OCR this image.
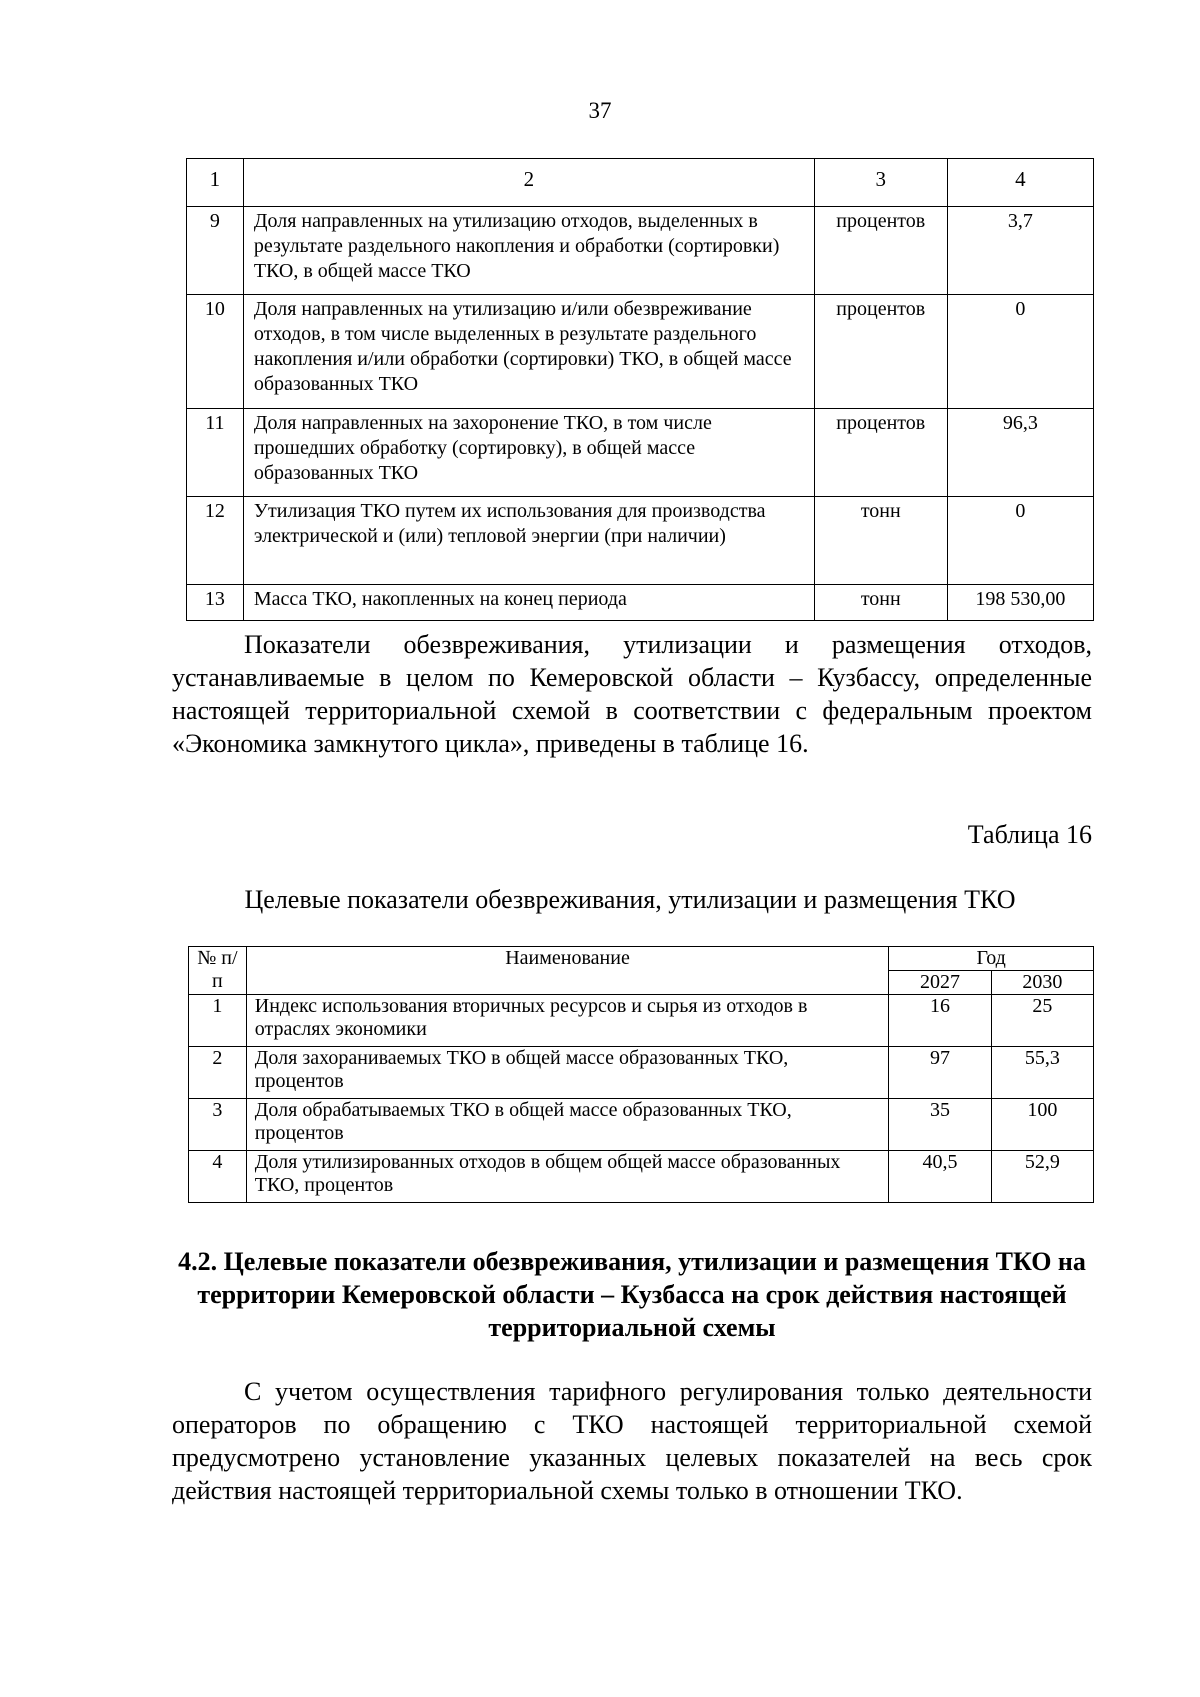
37
1	2	3	4
9	Доля направленных на утилизацию отходов, выделенных в результате раздельного накопления и обработки (сортировки) ТКО, в общей массе ТКО	процентов	3,7
10	Доля направленных на утилизацию и/или обезвреживание отходов, в том числе выделенных в результате раздельного накопления и/или обработки (сортировки) ТКО, в общей массе образованных ТКО	процентов	0
11	Доля направленных на захоронение ТКО, в том числе прошедших обработку (сортировку), в общей массе образованных ТКО	процентов	96,3
12	Утилизация ТКО путем их использования для производства электрической и (или) тепловой энергии (при наличии)	тонн	0
13	Масса ТКО, накопленных на конец периода	тонн	198 530,00
Показатели обезвреживания, утилизации и размещения отходов, устанавливаемые в целом по Кемеровской области – Кузбассу, определенные настоящей территориальной схемой в соответствии с федеральным проектом «Экономика замкнутого цикла», приведены в таблице 16.
Таблица 16
Целевые показатели обезвреживания, утилизации и размещения ТКО
№ п/п	Наименование	Год	
		2027	2030
1	Индекс использования вторичных ресурсов и сырья из отходов в отраслях экономики	16	25
2	Доля захораниваемых ТКО в общей массе образованных ТКО, процентов	97	55,3
3	Доля обрабатываемых ТКО в общей массе образованных ТКО, процентов	35	100
4	Доля утилизированных отходов в общем общей массе образованных ТКО, процентов	40,5	52,9
4.2. Целевые показатели обезвреживания, утилизации и размещения ТКО на территории Кемеровской области – Кузбасса на срок действия настоящей территориальной схемы
С учетом осуществления тарифного регулирования только деятельности операторов по обращению с ТКО настоящей территориальной схемой предусмотрено установление указанных целевых показателей на весь срок действия настоящей территориальной схемы только в отношении ТКО.
